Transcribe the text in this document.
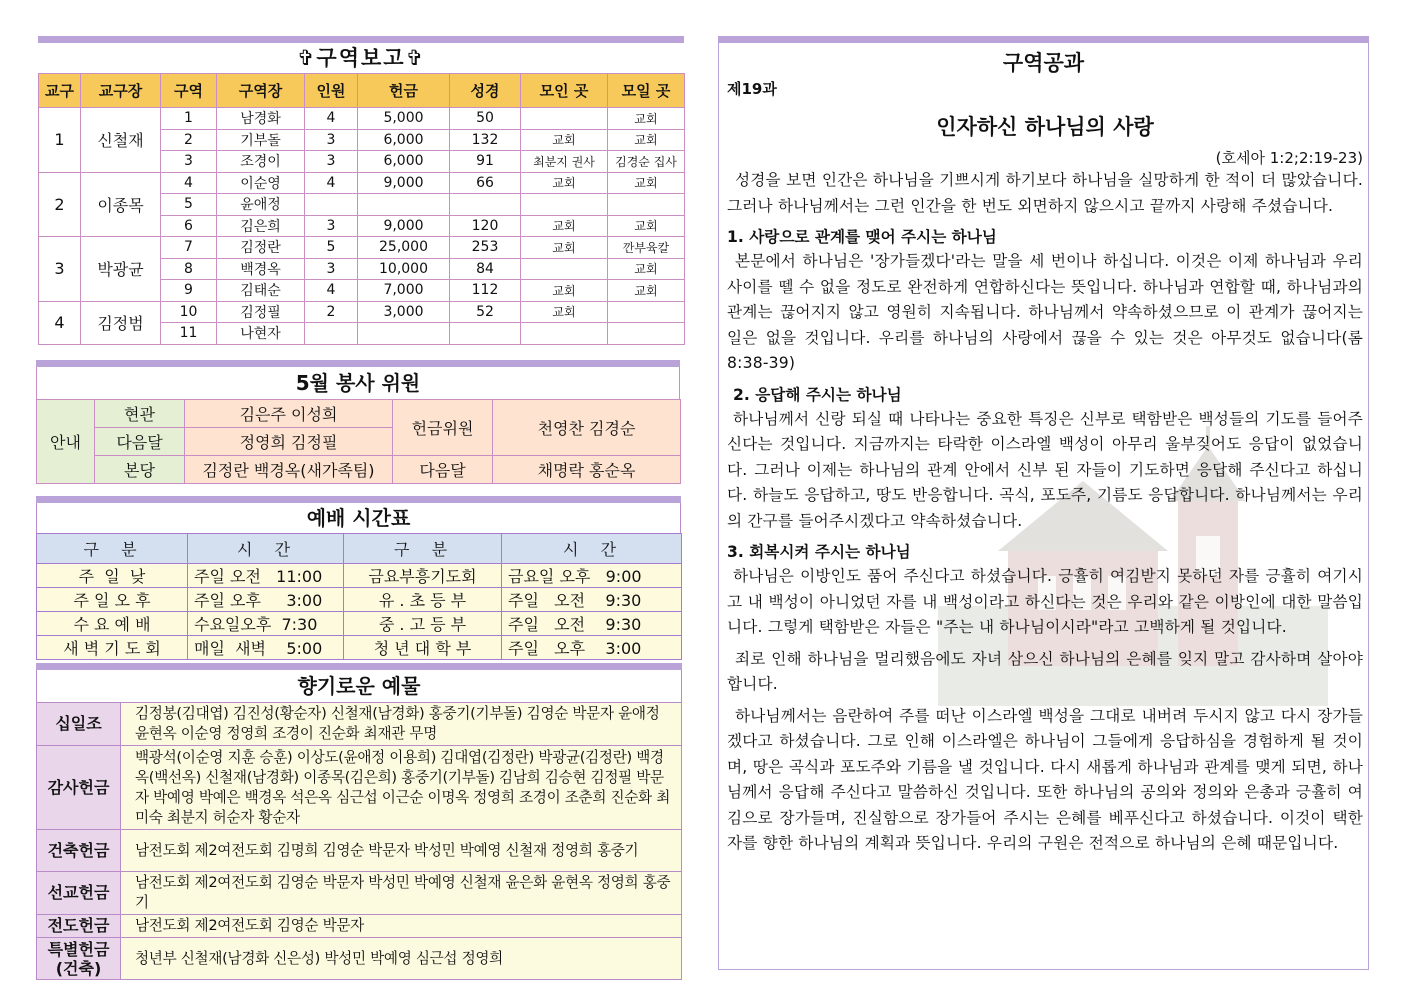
✞구역보고✞
교구	교구장	구역	구역장	인원	헌금	성경	모인 곳	모일 곳
1	신철재	1	남경화	4	5,000	50		교회
		2	기부돌	3	6,000	132	교회	교회
		3	조경이	3	6,000	91	최분지 권사	김경순 집사
2	이종목	4	이순영	4	9,000	66	교회	교회
		5	윤애정					
		6	김은희	3	9,000	120	교회	교회
3	박광균	7	김정란	5	25,000	253	교회	깐부육칼
		8	백경옥	3	10,000	84		교회
		9	김태순	4	7,000	112	교회	교회
4	김정범	10	김정필	2	3,000	52	교회	
		11	나현자					
5월 봉사 위원
안내	현관	김은주 이성희	헌금위원	천영찬 김경순
	다음달	정영희 김정필		
	본당	김정란 백경옥(새가족팀)	다음달	채명락 홍순옥
예배 시간표
구  분	시  간	구  분	시  간
주  일  낮	주일 오전   11:00	금요부흥기도회	금요일 오후   9:00
주 일 오 후	주일 오후     3:00	유 . 초 등 부	주일   오전    9:30
수 요 예 배	수요일오후  7:30	중 . 고 등 부	주일   오전    9:30
새 벽 기 도 회	매일  새벽    5:00	청 년 대 학 부	주일   오후    3:00
향기로운 예물
십일조	김정봉(김대엽) 김진성(황순자) 신철재(남경화) 홍중기(기부돌) 김영순 박문자 윤애정 윤현옥 이순영 정영희 조경이 진순화 최재관 무명
감사헌금	백광석(이순영 지훈 승훈) 이상도(윤애정 이용희) 김대엽(김정란) 박광균(김정란) 백경옥(백선옥) 신철재(남경화) 이종목(김은희) 홍중기(기부돌) 김남희 김승현 김정필 박문자 박예영 박예은 백경옥 석은옥 심근섭 이근순 이명옥 정영희 조경이 조춘희 진순화 최미숙 최분지 허순자 황순자
건축헌금	남전도회 제2여전도회 김명희 김영순 박문자 박성민 박예영 신철재 정영희 홍중기
선교헌금	남전도회 제2여전도회 김영순 박문자 박성민 박예영 신철재 윤은화 윤현옥 정영희 홍중기
전도헌금	남전도회 제2여전도회 김영순 박문자
특별헌금
(건축)	청년부 신철재(남경화 신은성) 박성민 박예영 심근섭 정영희
구역공과
제19과
인자하신 하나님의 사랑
(호세아 1:2;2:19-23)

성경을 보면 인간은 하나님을 기쁘시게 하기보다 하나님을 실망하게 한 적이 더 많았습니다. 그러나 하나님께서는 그런 인간을 한 번도 외면하지 않으시고 끝까지 사랑해 주셨습니다.

1. 사랑으로 관계를 맺어 주시는 하나님

본문에서 하나님은 '장가들겠다'라는 말을 세 번이나 하십니다. 이것은 이제 하나님과 우리 사이를 뗄 수 없을 정도로 완전하게 연합하신다는 뜻입니다. 하나님과 연합할 때, 하나님과의 관계는 끊어지지 않고 영원히 지속됩니다. 하나님께서 약속하셨으므로 이 관계가 끊어지는 일은 없을 것입니다. 우리를 하나님의 사랑에서 끊을 수 있는 것은 아무것도 없습니다(롬 8:38-39)

2. 응답해 주시는 하나님

하나님께서 신랑 되실 때 나타나는 중요한 특징은 신부로 택함받은 백성들의 기도를 들어주신다는 것입니다. 지금까지는 타락한 이스라엘 백성이 아무리 울부짖어도 응답이 없었습니다. 그러나 이제는 하나님의 관계 안에서 신부 된 자들이 기도하면 응답해 주신다고 하십니다. 하늘도 응답하고, 땅도 반응합니다. 곡식, 포도주, 기름도 응답합니다. 하나님께서는 우리의 간구를 들어주시겠다고 약속하셨습니다.

3. 회복시켜 주시는 하나님

하나님은 이방인도 품어 주신다고 하셨습니다. 긍휼히 여김받지 못하던 자를 긍휼히 여기시고 내 백성이 아니었던 자를 내 백성이라고 하신다는 것은 우리와 같은 이방인에 대한 말씀입니다. 그렇게 택함받은 자들은 "주는 내 하나님이시라"라고 고백하게 될 것입니다.

죄로 인해 하나님을 멀리했음에도 자녀 삼으신 하나님의 은혜를 잊지 말고 감사하며 살아야 합니다.

하나님께서는 음란하여 주를 떠난 이스라엘 백성을 그대로 내버려 두시지 않고 다시 장가들겠다고 하셨습니다. 그로 인해 이스라엘은 하나님이 그들에게 응답하심을 경험하게 될 것이며, 땅은 곡식과 포도주와 기름을 낼 것입니다. 다시 새롭게 하나님과 관계를 맺게 되면, 하나님께서 응답해 주신다고 말씀하신 것입니다. 또한 하나님의 공의와 정의와 은총과 긍휼히 여김으로 장가들며, 진실함으로 장가들어 주시는 은혜를 베푸신다고 하셨습니다. 이것이 택한 자를 향한 하나님의 계획과 뜻입니다. 우리의 구원은 전적으로 하나님의 은혜 때문입니다.
